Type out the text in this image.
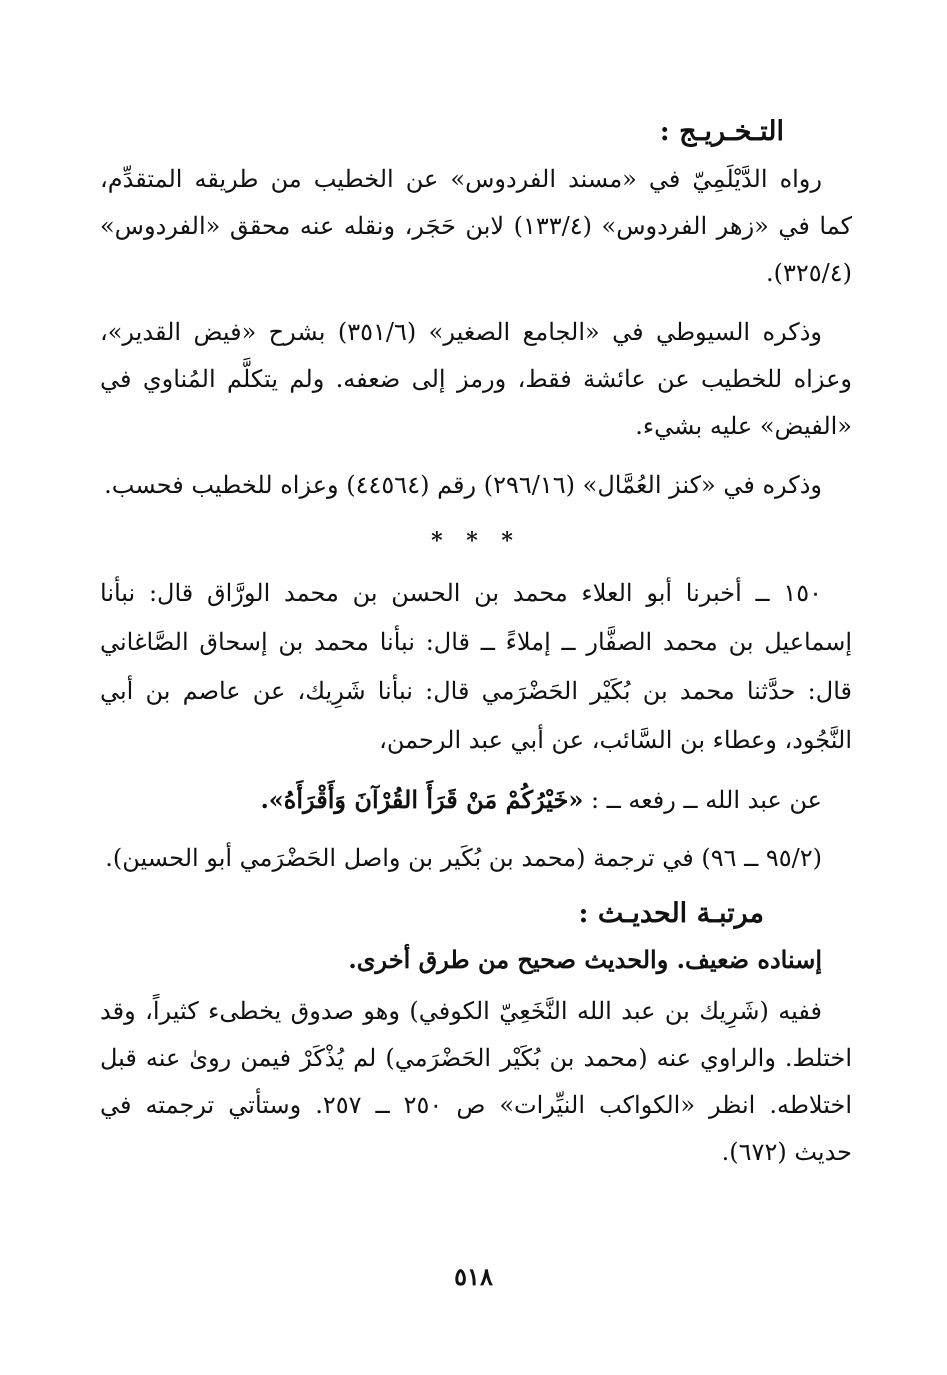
التـخـريـج :

رواه الدَّيْلَمِيّ في «مسند الفردوس» عن الخطيب من طريقه المتقدِّم، كما في «زهر الفردوس» (١٣٣/٤) لابن حَجَر، ونقله عنه محقق «الفردوس» (٣٢٥/٤).

وذكره السيوطي في «الجامع الصغير» (٣٥١/٦) بشرح «فيض القدير»، وعزاه للخطيب عن عائشة فقط، ورمز إلى ضعفه. ولم يتكلَّم المُناوي في «الفيض» عليه بشيء.

وذكره في «كنز العُمَّال» (٢٩٦/١٦) رقم (٤٤٥٦٤) وعزاه للخطيب فحسب.

* * *

١٥٠ ــ أخبرنا أبو العلاء محمد بن الحسن بن محمد الورَّاق قال: نبأنا إسماعيل بن محمد الصفَّار ــ إملاءً ــ قال: نبأنا محمد بن إسحاق الصَّاغاني قال: حدَّثنا محمد بن بُكَيْر الحَضْرَمي قال: نبأنا شَرِيك، عن عاصم بن أبي النَّجُود، وعطاء بن السَّائب، عن أبي عبد الرحمن،

عن عبد الله ــ رفعه ــ : «خَيْرُكُمْ مَنْ قَرَأَ القُرْآنَ وَأَقْرَأَهُ».

(٩٥/٢ ــ ٩٦) في ترجمة (محمد بن بُكَير بن واصل الحَضْرَمي أبو الحسين).

مرتبـة الحديـث :
إسناده ضعيف. والحديث صحيح من طرق أخرى.

ففيه (شَرِيك بن عبد الله النَّخَعِيّ الكوفي) وهو صدوق يخطىء كثيراً، وقد اختلط. والراوي عنه (محمد بن بُكَيْر الحَضْرَمي) لم يُذْكَرْ فيمن روىٰ عنه قبل اختلاطه. انظر «الكواكب النيِّرات» ص ٢٥٠ ــ ٢٥٧. وستأتي ترجمته في حديث (٦٧٢).

٥١٨
